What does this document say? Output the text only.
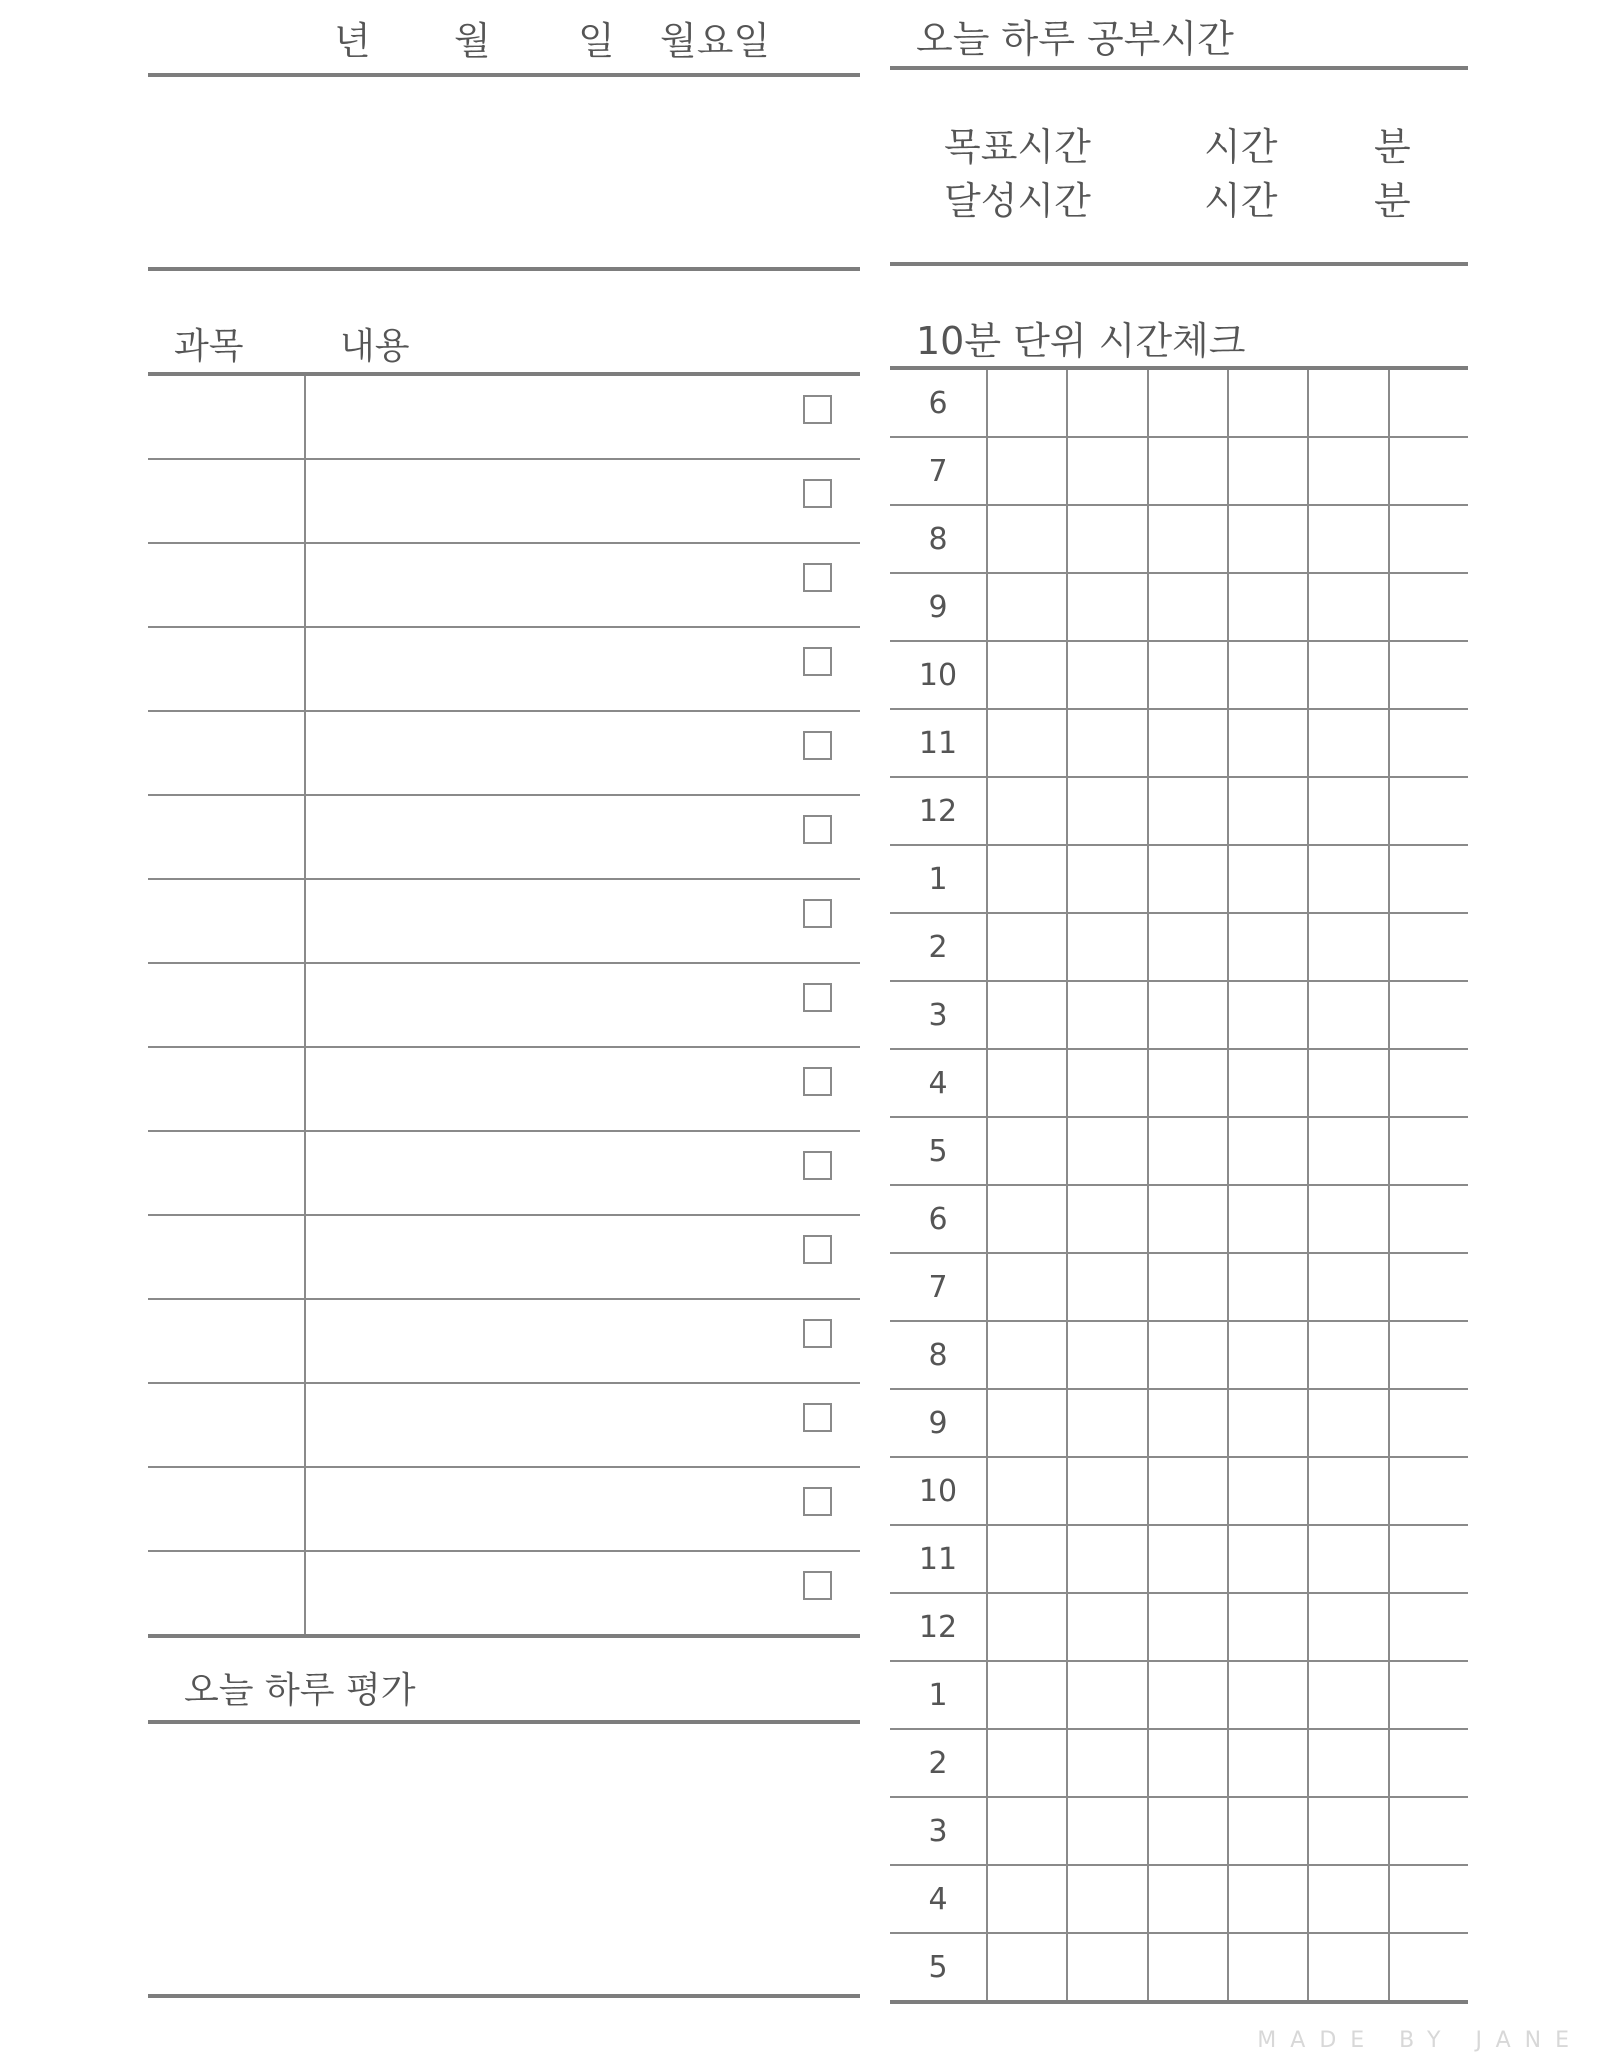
년 월 일 월요일
과목	내용
오늘 하루 평가
오늘 하루 공부시간
목표시간	시간	분
달성시간	시간	분
10분 단위 시간체크
6
7
8
9
10
11
12
1
2
3
4
5
6
7
8
9
10
11
12
1
2
3
4
5
MADE BY JANE
